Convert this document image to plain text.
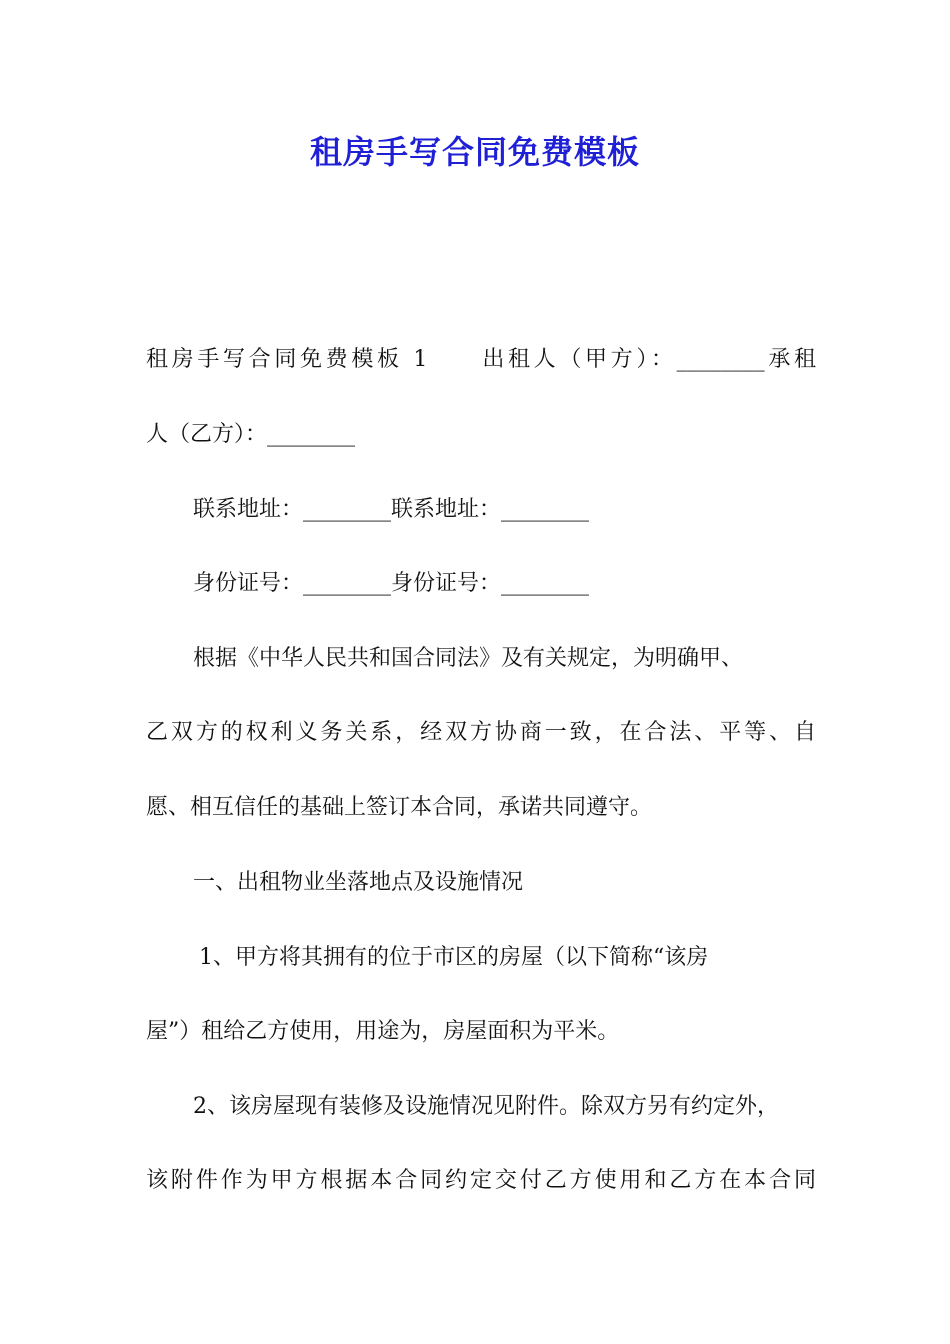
租房手写合同免费模板
租房手写合同免费模板 1　　出租人（甲方）：________承租
人（乙方）：________
联系地址：________联系地址：________
身份证号：________身份证号：________
根据《中华人民共和国合同法》及有关规定，为明确甲、
乙双方的权利义务关系，经双方协商一致，在合法、平等、自
愿、相互信任的基础上签订本合同，承诺共同遵守。
一、出租物业坐落地点及设施情况
1、甲方将其拥有的位于市区的房屋（以下简称“该房
屋”）租给乙方使用，用途为，房屋面积为平米。
2、该房屋现有装修及设施情况见附件。除双方另有约定外，
该附件作为甲方根据本合同约定交付乙方使用和乙方在本合同
